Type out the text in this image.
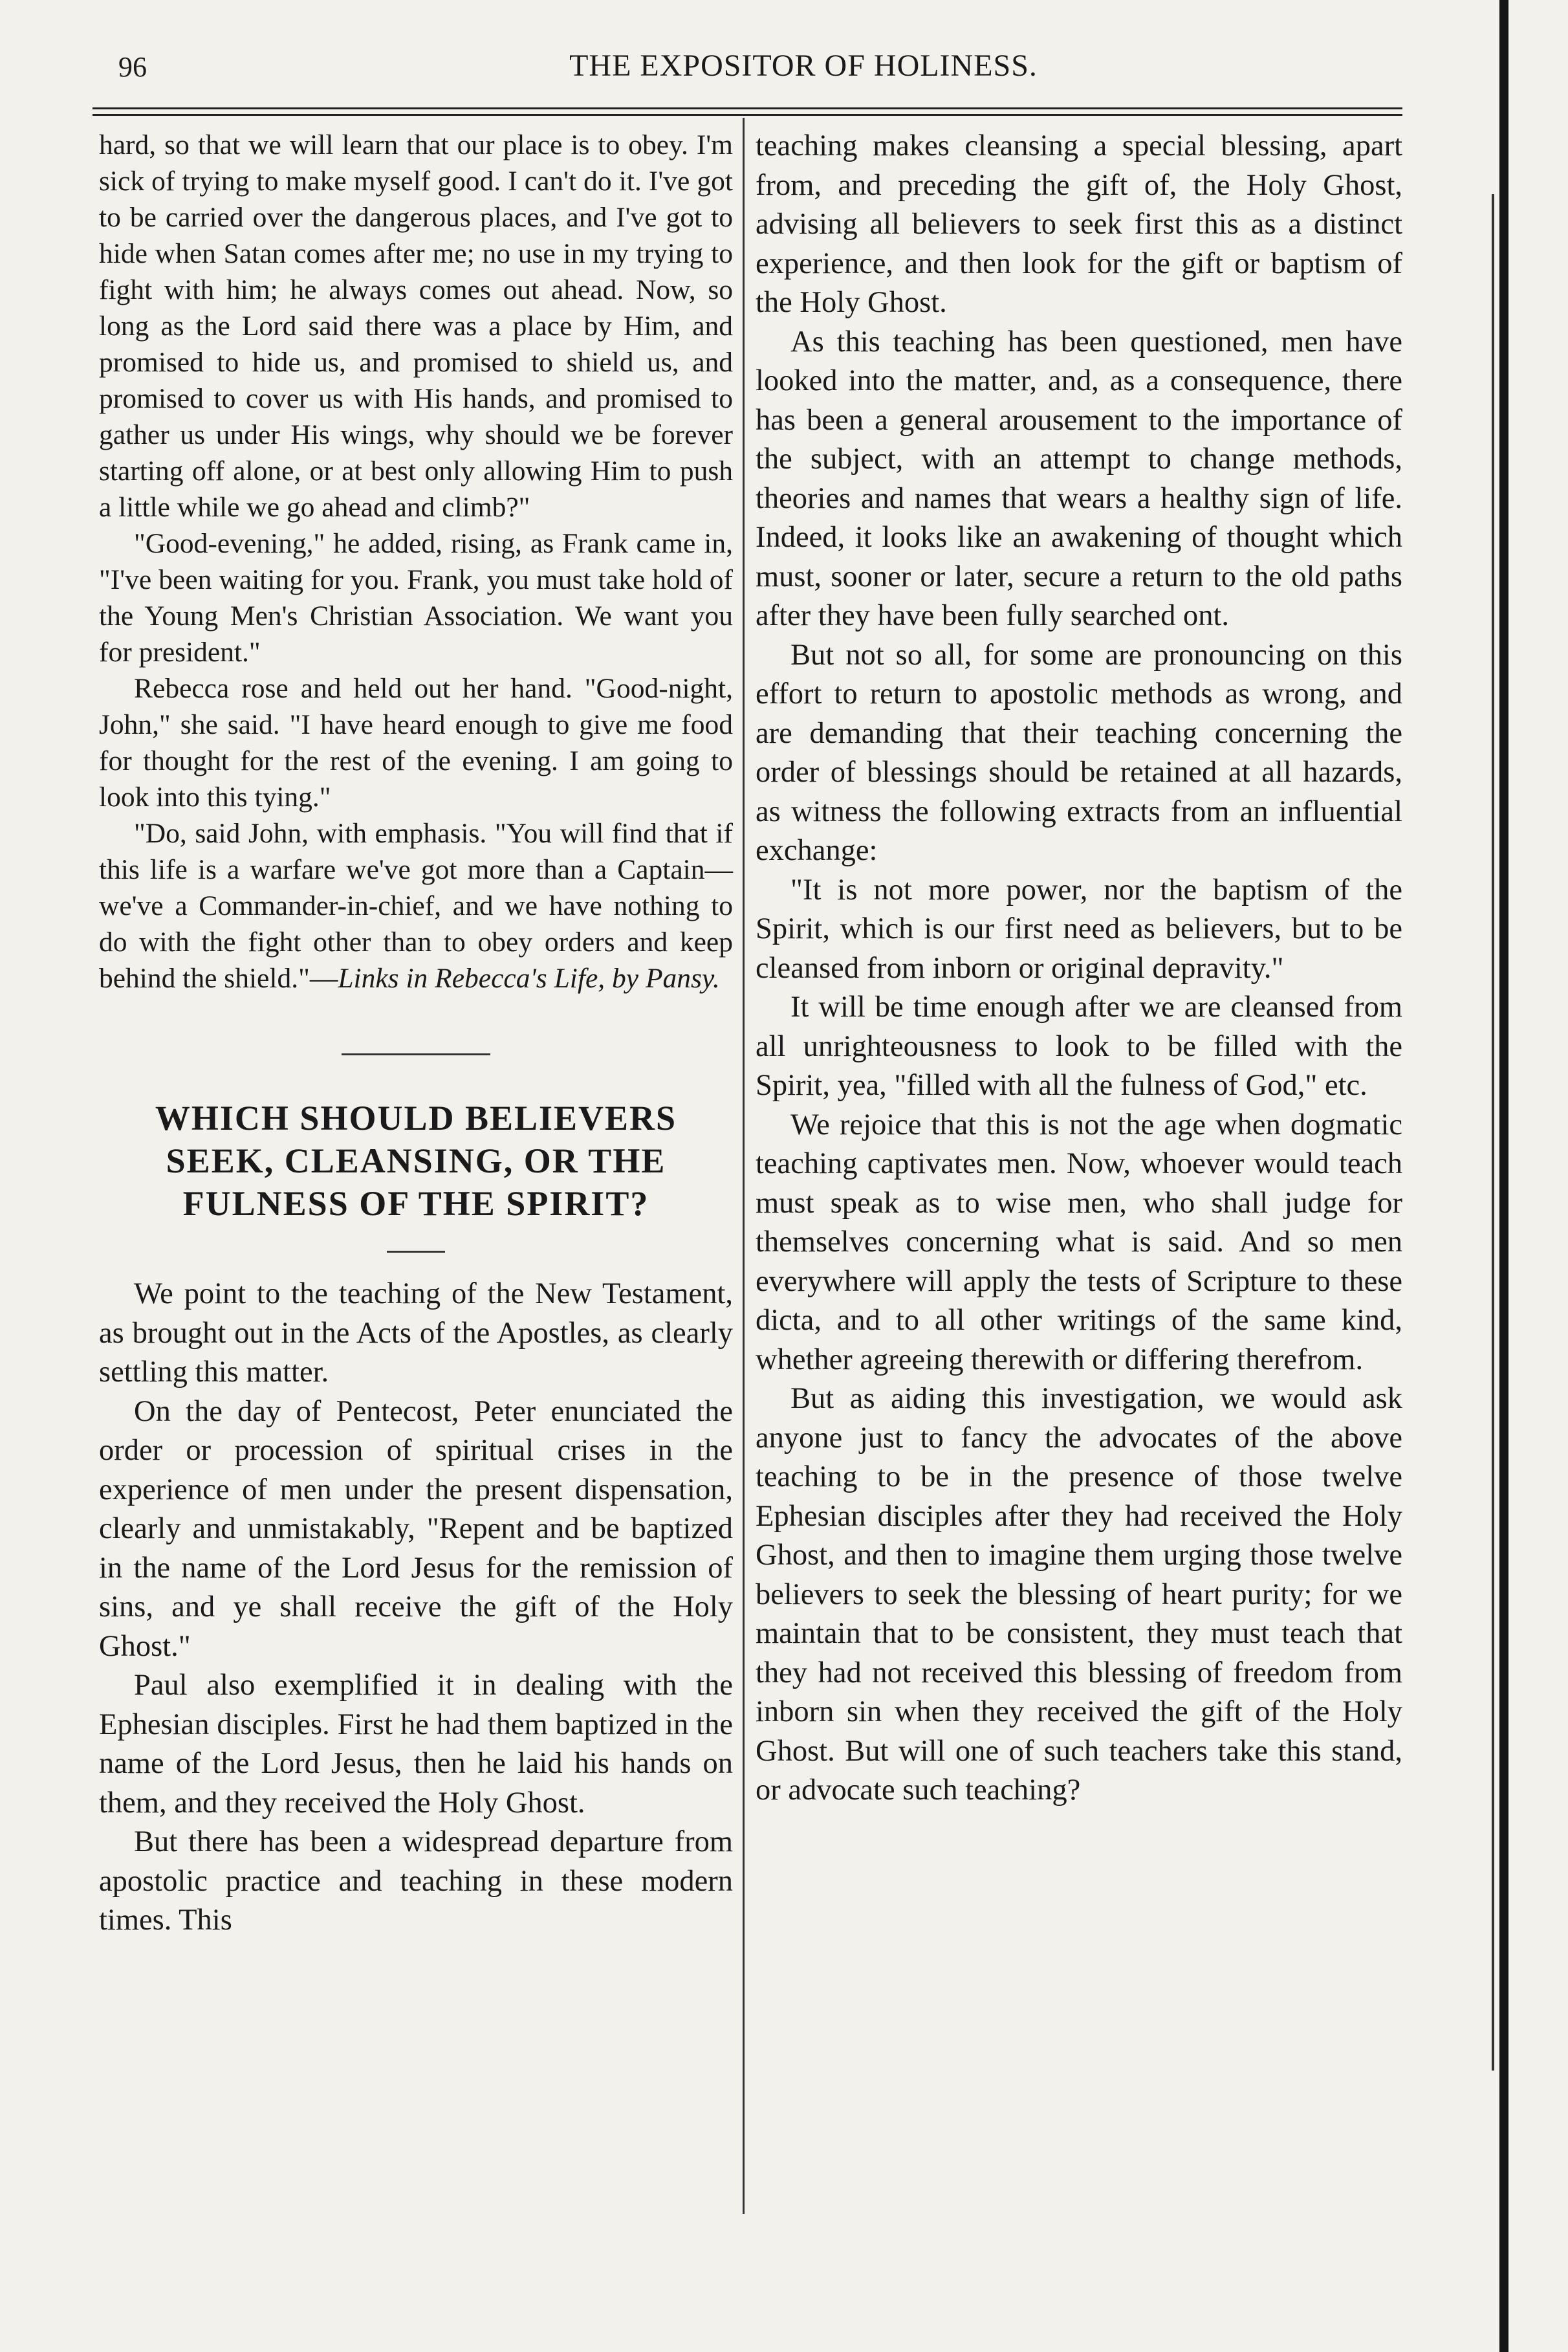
96	THE EXPOSITOR OF HOLINESS.

hard, so that we will learn that our place is to obey. I'm sick of trying to make myself good. I can't do it. I've got to be carried over the dangerous places, and I've got to hide when Satan comes after me; no use in my trying to fight with him; he always comes out ahead. Now, so long as the Lord said there was a place by Him, and promised to hide us, and promised to shield us, and promised to cover us with His hands, and promised to gather us under His wings, why should we be forever starting off alone, or at best only allowing Him to push a little while we go ahead and climb?"

"Good-evening," he added, rising, as Frank came in, "I've been waiting for you. Frank, you must take hold of the Young Men's Christian Association. We want you for president."

Rebecca rose and held out her hand. "Good-night, John," she said. "I have heard enough to give me food for thought for the rest of the evening. I am going to look into this tying."

"Do, said John, with emphasis. "You will find that if this life is a warfare we've got more than a Captain—we've a Commander-in-chief, and we have nothing to do with the fight other than to obey orders and keep behind the shield."—Links in Rebecca's Life, by Pansy.

WHICH SHOULD BELIEVERS SEEK, CLEANSING, OR THE FULNESS OF THE SPIRIT?

We point to the teaching of the New Testament, as brought out in the Acts of the Apostles, as clearly settling this matter.

On the day of Pentecost, Peter enunciated the order or procession of spiritual crises in the experience of men under the present dispensation, clearly and unmistakably, "Repent and be baptized in the name of the Lord Jesus for the remission of sins, and ye shall receive the gift of the Holy Ghost."

Paul also exemplified it in dealing with the Ephesian disciples. First he had them baptized in the name of the Lord Jesus, then he laid his hands on them, and they received the Holy Ghost.

But there has been a widespread departure from apostolic practice and teaching in these modern times. This

teaching makes cleansing a special blessing, apart from, and preceding the gift of, the Holy Ghost, advising all believers to seek first this as a distinct experience, and then look for the gift or baptism of the Holy Ghost.

As this teaching has been questioned, men have looked into the matter, and, as a consequence, there has been a general arousement to the importance of the subject, with an attempt to change methods, theories and names that wears a healthy sign of life. Indeed, it looks like an awakening of thought which must, sooner or later, secure a return to the old paths after they have been fully searched ont.

But not so all, for some are pronouncing on this effort to return to apostolic methods as wrong, and are demanding that their teaching concerning the order of blessings should be retained at all hazards, as witness the following extracts from an influential exchange:

"It is not more power, nor the baptism of the Spirit, which is our first need as believers, but to be cleansed from inborn or original depravity."

It will be time enough after we are cleansed from all unrighteousness to look to be filled with the Spirit, yea, "filled with all the fulness of God," etc.

We rejoice that this is not the age when dogmatic teaching captivates men. Now, whoever would teach must speak as to wise men, who shall judge for themselves concerning what is said. And so men everywhere will apply the tests of Scripture to these dicta, and to all other writings of the same kind, whether agreeing therewith or differing therefrom.

But as aiding this investigation, we would ask anyone just to fancy the advocates of the above teaching to be in the presence of those twelve Ephesian disciples after they had received the Holy Ghost, and then to imagine them urging those twelve believers to seek the blessing of heart purity; for we maintain that to be consistent, they must teach that they had not received this blessing of freedom from inborn sin when they received the gift of the Holy Ghost. But will one of such teachers take this stand, or advocate such teaching?
